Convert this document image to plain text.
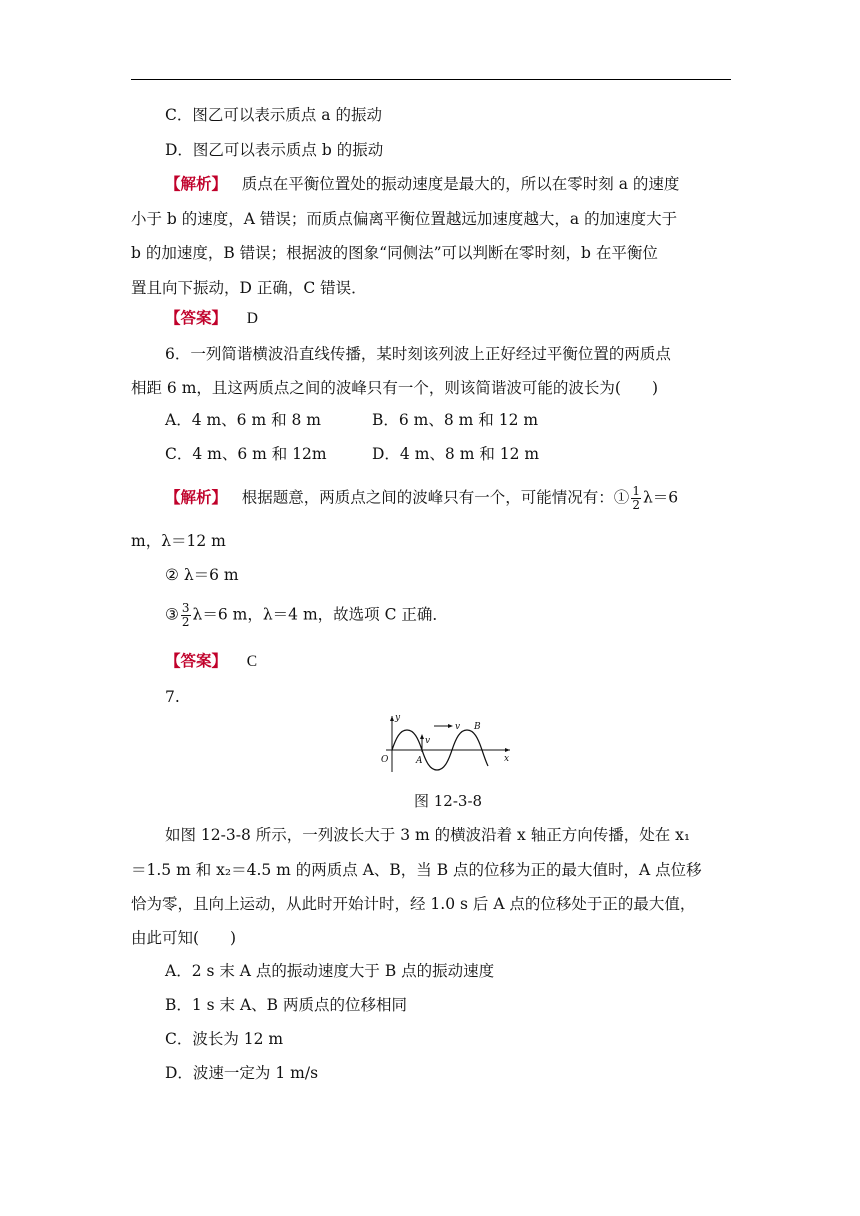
C．图乙可以表示质点 a 的振动
D．图乙可以表示质点 b 的振动
【解析】 质点在平衡位置处的振动速度是最大的，所以在零时刻 a 的速度
小于 b 的速度，A 错误；而质点偏离平衡位置越远加速度越大，a 的加速度大于
b 的加速度，B 错误；根据波的图象“同侧法”可以判断在零时刻，b 在平衡位
置且向下振动，D 正确，C 错误．
【答案】 D
6．一列简谐横波沿直线传播，某时刻该列波上正好经过平衡位置的两质点
相距 6 m，且这两质点之间的波峰只有一个，则该简谐波可能的波长为(　　)
A．4 m、6 m 和 8 m	B．6 m、8 m 和 12 m
C．4 m、6 m 和 12m	D．4 m、8 m 和 12 m
【解析】 根据题意，两质点之间的波峰只有一个，可能情况有：① $\frac{1}{2} \lambda=6$
m，λ＝12 m
② λ＝6 m
③ $\frac{3}{2} \lambda=6$ m，λ＝4 m，故选项 C 正确．
【答案】 C
7.
y
x
O	A
B
v
v
图 12-3-8
如图 12-3-8 所示，一列波长大于 3 m 的横波沿着 x 轴正方向传播，处在 x₁
＝1.5 m 和 x₂＝4.5 m 的两质点 A、B，当 B 点的位移为正的最大值时，A 点位移
恰为零，且向上运动，从此时开始计时，经 1.0 s 后 A 点的位移处于正的最大值，
由此可知(　　)
A．2 s 末 A 点的振动速度大于 B 点的振动速度
B．1 s 末 A、B 两质点的位移相同
C．波长为 12 m
D．波速一定为 1 m/s
